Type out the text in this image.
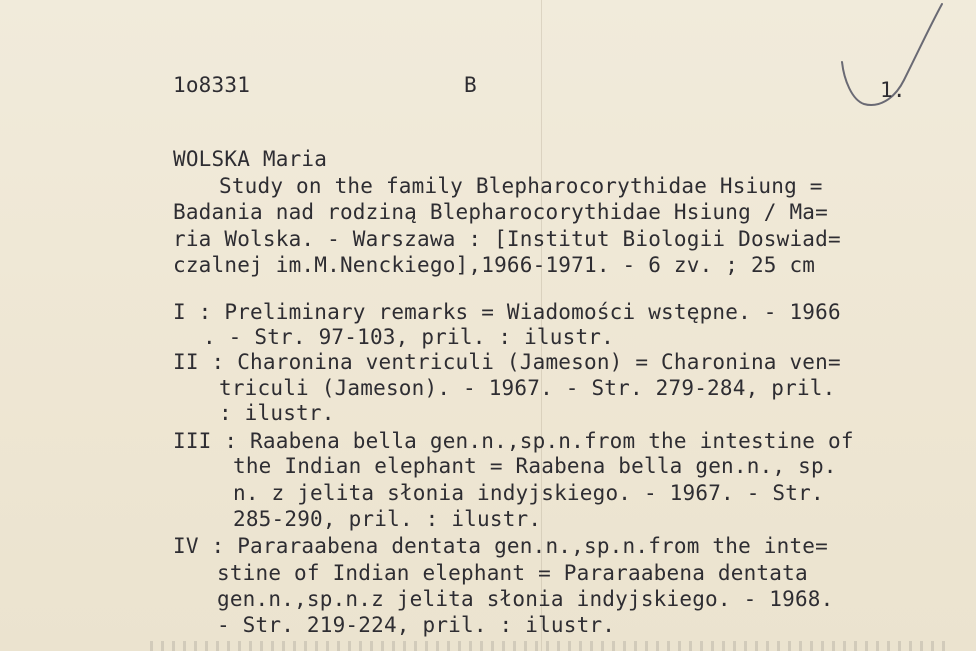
1o8331	B	1.
WOLSKA Maria
Study on the family Blepharocorythidae Hsiung =
Badania nad rodziną Blepharocorythidae Hsiung / Ma=
ria Wolska. - Warszawa : [Institut Biologii Doswiad=
czalnej im.M.Nenckiego],1966-1971. - 6 zv. ; 25 cm
I : Preliminary remarks = Wiadomości wstępne. - 1966
. - Str. 97-103, pril. : ilustr.
II : Charonina ventriculi (Jameson) = Charonina ven=
triculi (Jameson). - 1967. - Str. 279-284, pril.
: ilustr.
III : Raabena bella gen.n.,sp.n.from the intestine of
the Indian elephant = Raabena bella gen.n., sp.
n. z jelita słonia indyjskiego. - 1967. - Str.
285-290, pril. : ilustr.
IV : Pararaabena dentata gen.n.,sp.n.from the inte=
stine of Indian elephant = Pararaabena dentata
gen.n.,sp.n.z jelita słonia indyjskiego. - 1968.
- Str. 219-224, pril. : ilustr.
